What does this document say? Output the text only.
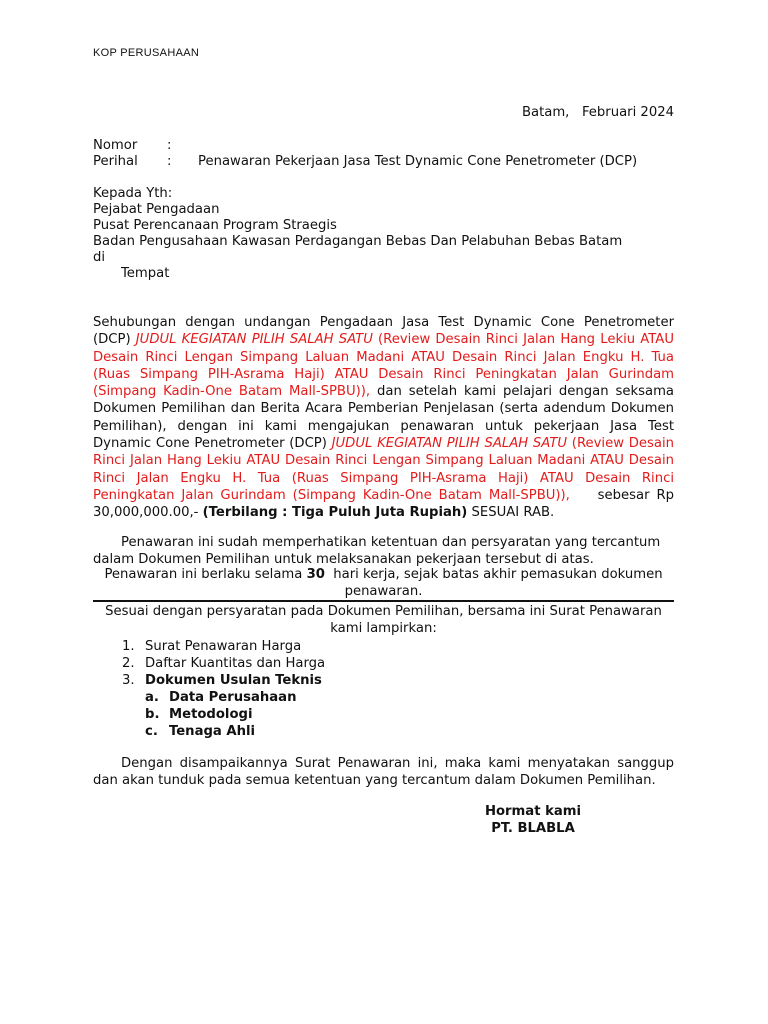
KOP PERUSAHAAN
Batam,   Februari 2024
Nomor	:
Perihal	:	Penawaran Pekerjaan Jasa Test Dynamic Cone Penetrometer (DCP)
Kepada Yth:
Pejabat Pengadaan
Pusat Perencanaan Program Straegis
Badan Pengusahaan Kawasan Perdagangan Bebas Dan Pelabuhan Bebas Batam
di
Tempat
Sehubungan dengan undangan Pengadaan Jasa Test Dynamic Cone Penetrometer (DCP) JUDUL KEGIATAN PILIH SALAH SATU (Review Desain Rinci Jalan Hang Lekiu ATAU Desain Rinci Lengan Simpang Laluan Madani ATAU Desain Rinci Jalan Engku H. Tua (Ruas Simpang PIH-Asrama Haji) ATAU Desain Rinci Peningkatan Jalan Gurindam (Simpang Kadin-One Batam Mall-SPBU)), dan setelah kami pelajari dengan seksama Dokumen Pemilihan dan Berita Acara Pemberian Penjelasan (serta adendum Dokumen Pemilihan), dengan ini kami mengajukan penawaran untuk pekerjaan Jasa Test Dynamic Cone Penetrometer (DCP) JUDUL KEGIATAN PILIH SALAH SATU (Review Desain Rinci Jalan Hang Lekiu ATAU Desain Rinci Lengan Simpang Laluan Madani ATAU Desain Rinci Jalan Engku H. Tua (Ruas Simpang PIH-Asrama Haji) ATAU Desain Rinci Peningkatan Jalan Gurindam (Simpang Kadin-One Batam Mall-SPBU)),    sebesar Rp 30,000,000.00,- (Terbilang : Tiga Puluh Juta Rupiah) SESUAI RAB.
Penawaran ini sudah memperhatikan ketentuan dan persyaratan yang tercantum dalam Dokumen Pemilihan untuk melaksanakan pekerjaan tersebut di atas.
Penawaran ini berlaku selama 30  hari kerja, sejak batas akhir pemasukan dokumen penawaran.
Sesuai dengan persyaratan pada Dokumen Pemilihan, bersama ini Surat Penawaran kami lampirkan:
1. Surat Penawaran Harga
2. Daftar Kuantitas dan Harga
3. Dokumen Usulan Teknis
a. Data Perusahaan
b. Metodologi
c. Tenaga Ahli
Dengan disampaikannya Surat Penawaran ini, maka kami menyatakan sanggup dan akan tunduk pada semua ketentuan yang tercantum dalam Dokumen Pemilihan.
Hormat kami
PT. BLABLA
